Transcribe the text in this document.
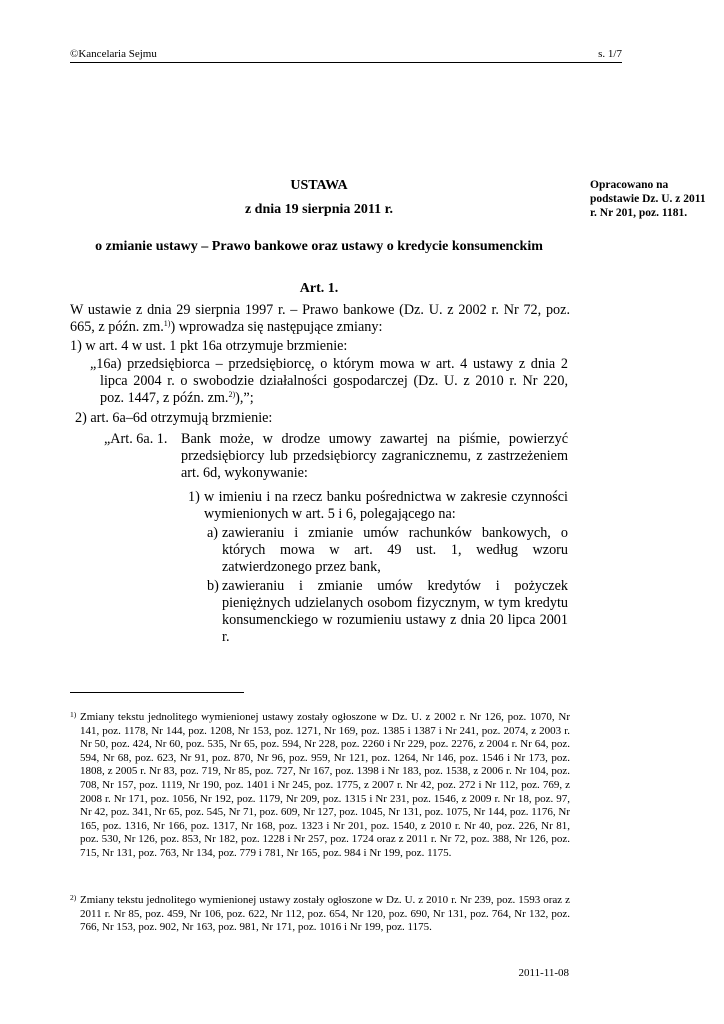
©Kancelaria Sejmu	s. 1/7
Opracowano na podstawie Dz. U. z 2011 r. Nr 201, poz. 1181.
USTAWA
z dnia 19 sierpnia 2011 r.
o zmianie ustawy – Prawo bankowe oraz ustawy o kredycie konsumenckim
Art. 1.
W ustawie z dnia 29 sierpnia 1997 r. – Prawo bankowe (Dz. U. z 2002 r. Nr 72, poz. 665, z późn. zm.$^{1)}$) wprowadza się następujące zmiany:
1) w art. 4 w ust. 1 pkt 16a otrzymuje brzmienie:
„16a) przedsiębiorca – przedsiębiorcę, o którym mowa w art. 4 ustawy z dnia 2 lipca 2004 r. o swobodzie działalności gospodarczej (Dz. U. z 2010 r. Nr 220, poz. 1447, z późn. zm.$^{2)}$),”;
2) art. 6a–6d otrzymują brzmienie:
„Art. 6a. 1. Bank może, w drodze umowy zawartej na piśmie, powierzyć przedsiębiorcy lub przedsiębiorcy zagranicznemu, z zastrzeżeniem art. 6d, wykonywanie:
1) w imieniu i na rzecz banku pośrednictwa w zakresie czynności wymienionych w art. 5 i 6, polegającego na:
a) zawieraniu i zmianie umów rachunków bankowych, o których mowa w art. 49 ust. 1, według wzoru zatwierdzonego przez bank,
b) zawieraniu i zmianie umów kredytów i pożyczek pieniężnych udzielanych osobom fizycznym, w tym kredytu konsumenckiego w rozumieniu ustawy z dnia 20 lipca 2001 r.
1) Zmiany tekstu jednolitego wymienionej ustawy zostały ogłoszone w Dz. U. z 2002 r. Nr 126, poz. 1070, Nr 141, poz. 1178, Nr 144, poz. 1208, Nr 153, poz. 1271, Nr 169, poz. 1385 i 1387 i Nr 241, poz. 2074, z 2003 r. Nr 50, poz. 424, Nr 60, poz. 535, Nr 65, poz. 594, Nr 228, poz. 2260 i Nr 229, poz. 2276, z 2004 r. Nr 64, poz. 594, Nr 68, poz. 623, Nr 91, poz. 870, Nr 96, poz. 959, Nr 121, poz. 1264, Nr 146, poz. 1546 i Nr 173, poz. 1808, z 2005 r. Nr 83, poz. 719, Nr 85, poz. 727, Nr 167, poz. 1398 i Nr 183, poz. 1538, z 2006 r. Nr 104, poz. 708, Nr 157, poz. 1119, Nr 190, poz. 1401 i Nr 245, poz. 1775, z 2007 r. Nr 42, poz. 272 i Nr 112, poz. 769, z 2008 r. Nr 171, poz. 1056, Nr 192, poz. 1179, Nr 209, poz. 1315 i Nr 231, poz. 1546, z 2009 r. Nr 18, poz. 97, Nr 42, poz. 341, Nr 65, poz. 545, Nr 71, poz. 609, Nr 127, poz. 1045, Nr 131, poz. 1075, Nr 144, poz. 1176, Nr 165, poz. 1316, Nr 166, poz. 1317, Nr 168, poz. 1323 i Nr 201, poz. 1540, z 2010 r. Nr 40, poz. 226, Nr 81, poz. 530, Nr 126, poz. 853, Nr 182, poz. 1228 i Nr 257, poz. 1724 oraz z 2011 r. Nr 72, poz. 388, Nr 126, poz. 715, Nr 131, poz. 763, Nr 134, poz. 779 i 781, Nr 165, poz. 984 i Nr 199, poz. 1175.
2) Zmiany tekstu jednolitego wymienionej ustawy zostały ogłoszone w Dz. U. z 2010 r. Nr 239, poz. 1593 oraz z 2011 r. Nr 85, poz. 459, Nr 106, poz. 622, Nr 112, poz. 654, Nr 120, poz. 690, Nr 131, poz. 764, Nr 132, poz. 766, Nr 153, poz. 902, Nr 163, poz. 981, Nr 171, poz. 1016 i Nr 199, poz. 1175.
2011-11-08
